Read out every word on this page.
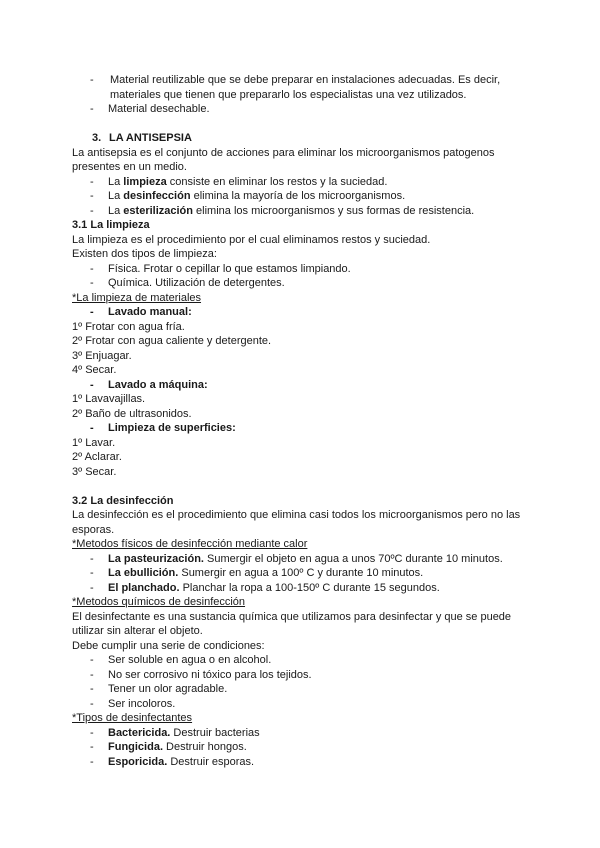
- Material reutilizable que se debe preparar en instalaciones adecuadas. Es decir, materiales que tienen que prepararlo los especialistas una vez utilizados.
- Material desechable.
3. LA ANTISEPSIA
La antisepsia es el conjunto de acciones para eliminar los microorganismos patogenos presentes en un medio.
- La limpieza consiste en eliminar los restos y la suciedad.
- La desinfección elimina la mayoría de los microorganismos.
- La esterilización elimina los microorganismos y sus formas de resistencia.
3.1 La limpieza
La limpieza es el procedimiento por el cual eliminamos restos y suciedad.
Existen dos tipos de limpieza:
- Física. Frotar o cepillar lo que estamos limpiando.
- Química. Utilización de detergentes.
*La limpieza de materiales
- Lavado manual:
1º Frotar con agua fría.
2º Frotar con agua caliente y detergente.
3º Enjuagar.
4º Secar.
- Lavado a máquina:
1º Lavavajillas.
2º Baño de ultrasonidos.
- Limpieza de superficies:
1º Lavar.
2º Aclarar.
3º Secar.
3.2 La desinfección
La desinfección es el procedimiento que elimina casi todos los microorganismos pero no las esporas.
*Metodos físicos de desinfección mediante calor
- La pasteurización. Sumergir el objeto en agua a unos 70ºC durante 10 minutos.
- La ebullición. Sumergir en agua a 100º C y durante 10 minutos.
- El planchado. Planchar la ropa a 100-150º C durante 15 segundos.
*Metodos químicos de desinfección
El desinfectante es una sustancia química que utilizamos para desinfectar y que se puede utilizar sin alterar el objeto.
Debe cumplir una serie de condiciones:
- Ser soluble en agua o en alcohol.
- No ser corrosivo ni tóxico para los tejidos.
- Tener un olor agradable.
- Ser incoloros.
*Tipos de desinfectantes
- Bactericida. Destruir bacterias
- Fungicida. Destruir hongos.
- Esporicida. Destruir esporas.
